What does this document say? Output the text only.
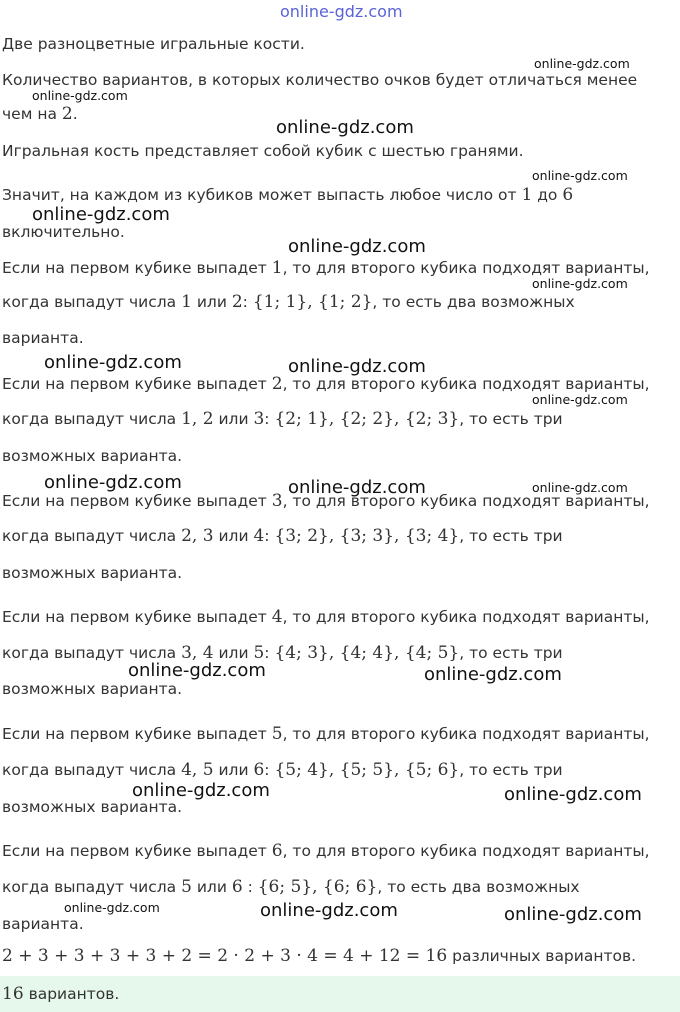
online-gdz.com
Две разноцветные игральные кости.
Количество вариантов, в которых количество очков будет отличаться менее
чем на 2.
Игральная кость представляет собой кубик с шестью гранями.
Значит, на каждом из кубиков может выпасть любое число от 1 до 6
включительно.
Если на первом кубике выпадет 1, то для второго кубика подходят варианты,
когда выпадут числа 1 или 2: {1; 1}, {1; 2}, то есть два возможных
варианта.
Если на первом кубике выпадет 2, то для второго кубика подходят варианты,
когда выпадут числа 1, 2 или 3: {2; 1}, {2; 2}, {2; 3}, то есть три
возможных варианта.
Если на первом кубике выпадет 3, то для второго кубика подходят варианты,
когда выпадут числа 2, 3 или 4: {3; 2}, {3; 3}, {3; 4}, то есть три
возможных варианта.
Если на первом кубике выпадет 4, то для второго кубика подходят варианты,
когда выпадут числа 3, 4 или 5: {4; 3}, {4; 4}, {4; 5}, то есть три
возможных варианта.
Если на первом кубике выпадет 5, то для второго кубика подходят варианты,
когда выпадут числа 4, 5 или 6: {5; 4}, {5; 5}, {5; 6}, то есть три
возможных варианта.
Если на первом кубике выпадет 6, то для второго кубика подходят варианты,
когда выпадут числа 5 или 6 : {6; 5}, {6; 6}, то есть два возможных
варианта.
2 + 3 + 3 + 3 + 3 + 2 = 2 · 2 + 3 · 4 = 4 + 12 = 16 различных вариантов.
16 вариантов.
online-gdz.com
online-gdz.com
online-gdz.com
online-gdz.com
online-gdz.com
online-gdz.com
online-gdz.com
online-gdz.com	online-gdz.com
online-gdz.com
online-gdz.com	online-gdz.com	online-gdz.com
online-gdz.com	online-gdz.com
online-gdz.com	online-gdz.com
online-gdz.com	online-gdz.com	online-gdz.com
